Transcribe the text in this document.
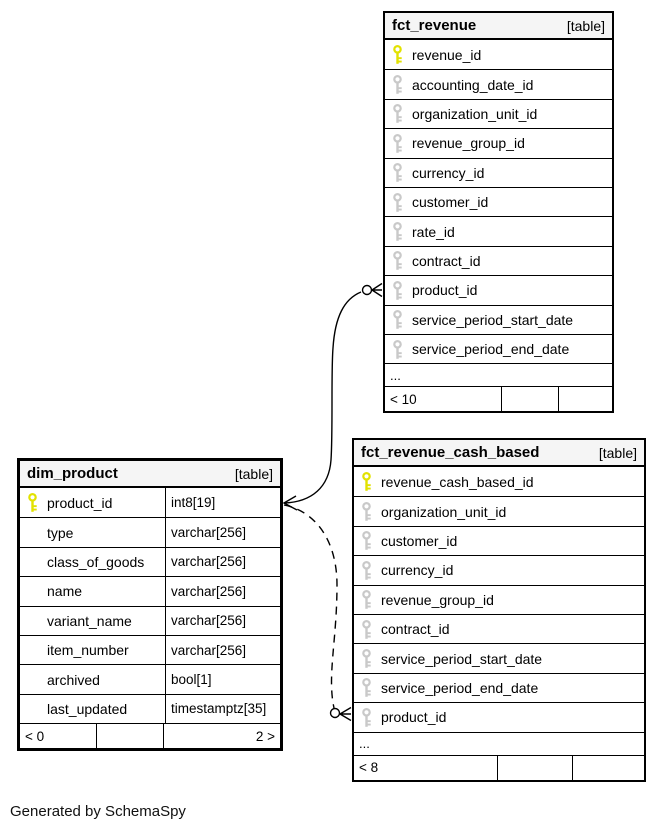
fct_revenue	[table]
revenue_id
accounting_date_id
organization_unit_id
revenue_group_id
currency_id
customer_id
rate_id
contract_id
product_id
service_period_start_date
service_period_end_date
...
< 10
dim_product	[table]
product_id	int8[19]
type	varchar[256]
class_of_goods	varchar[256]
name	varchar[256]
variant_name	varchar[256]
item_number	varchar[256]
archived	bool[1]
last_updated	timestamptz[35]
< 0	2 >
fct_revenue_cash_based	[table]
revenue_cash_based_id
organization_unit_id
customer_id
currency_id
revenue_group_id
contract_id
service_period_start_date
service_period_end_date
product_id
...
< 8
Generated by SchemaSpy
